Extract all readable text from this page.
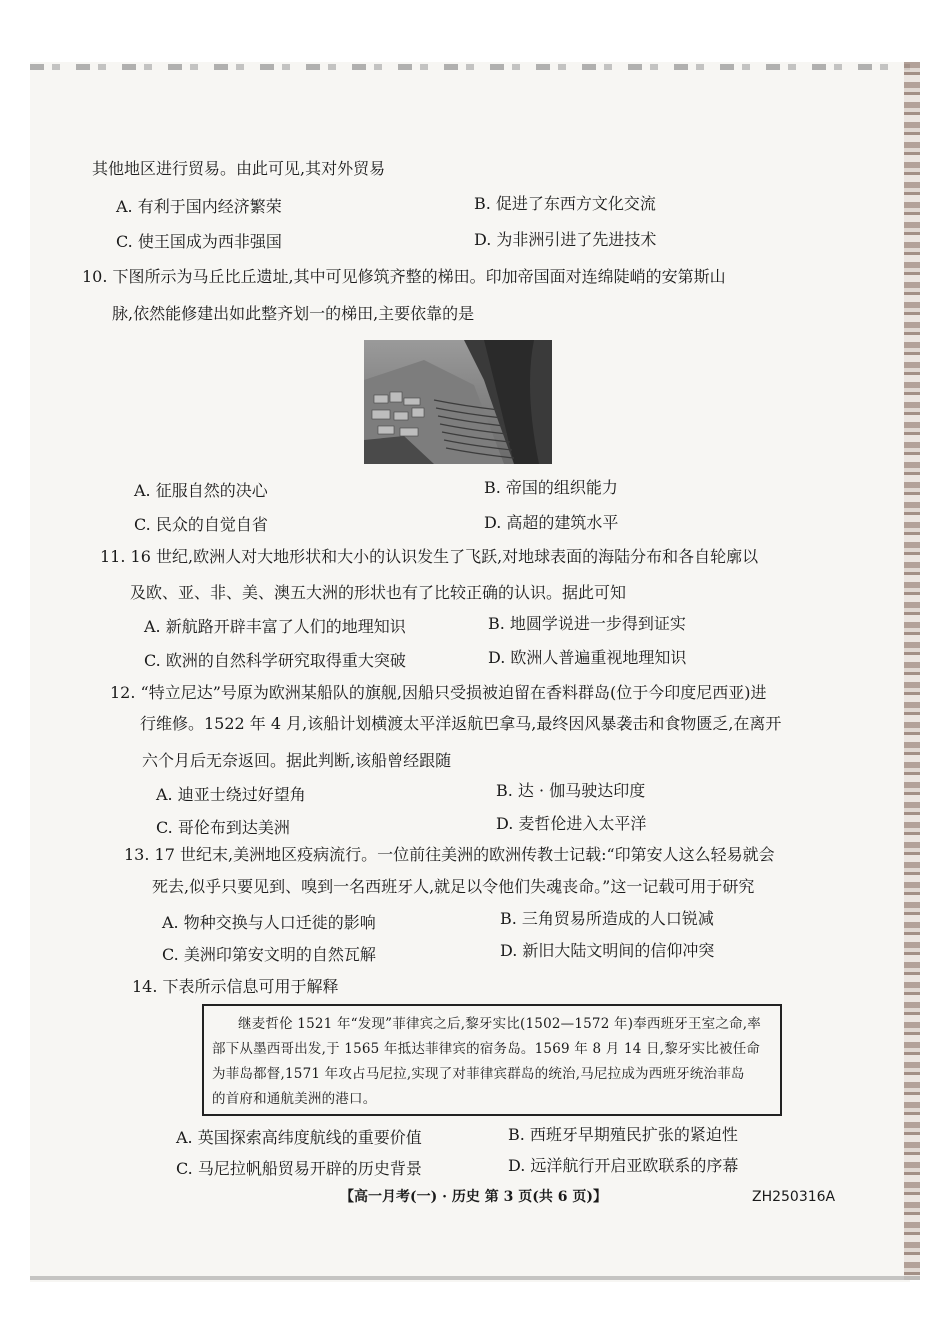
其他地区进行贸易。由此可见,其对外贸易
A. 有利于国内经济繁荣	B. 促进了东西方文化交流
C. 使王国成为西非强国	D. 为非洲引进了先进技术
10. 下图所示为马丘比丘遗址,其中可见修筑齐整的梯田。印加帝国面对连绵陡峭的安第斯山
脉,依然能修建出如此整齐划一的梯田,主要依靠的是
A. 征服自然的决心	B. 帝国的组织能力
C. 民众的自觉自省	D. 高超的建筑水平
11. 16 世纪,欧洲人对大地形状和大小的认识发生了飞跃,对地球表面的海陆分布和各自轮廓以
及欧、亚、非、美、澳五大洲的形状也有了比较正确的认识。据此可知
A. 新航路开辟丰富了人们的地理知识	B. 地圆学说进一步得到证实
C. 欧洲的自然科学研究取得重大突破	D. 欧洲人普遍重视地理知识
12. “特立尼达”号原为欧洲某船队的旗舰,因船只受损被迫留在香料群岛(位于今印度尼西亚)进
行维修。1522 年 4 月,该船计划横渡太平洋返航巴拿马,最终因风暴袭击和食物匮乏,在离开
六个月后无奈返回。据此判断,该船曾经跟随
A. 迪亚士绕过好望角	B. 达 · 伽马驶达印度
C. 哥伦布到达美洲	D. 麦哲伦进入太平洋
13. 17 世纪末,美洲地区疫病流行。一位前往美洲的欧洲传教士记载:“印第安人这么轻易就会
死去,似乎只要见到、嗅到一名西班牙人,就足以令他们失魂丧命。”这一记载可用于研究
A. 物种交换与人口迁徙的影响	B. 三角贸易所造成的人口锐减
C. 美洲印第安文明的自然瓦解	D. 新旧大陆文明间的信仰冲突
14. 下表所示信息可用于解释
继麦哲伦 1521 年“发现”菲律宾之后,黎牙实比(1502—1572 年)奉西班牙王室之命,率
部下从墨西哥出发,于 1565 年抵达菲律宾的宿务岛。1569 年 8 月 14 日,黎牙实比被任命
为菲岛都督,1571 年攻占马尼拉,实现了对菲律宾群岛的统治,马尼拉成为西班牙统治菲岛
的首府和通航美洲的港口。
A. 英国探索高纬度航线的重要价值	B. 西班牙早期殖民扩张的紧迫性
C. 马尼拉帆船贸易开辟的历史背景	D. 远洋航行开启亚欧联系的序幕
【高一月考(一) · 历史 第 3 页(共 6 页)】	ZH250316A
